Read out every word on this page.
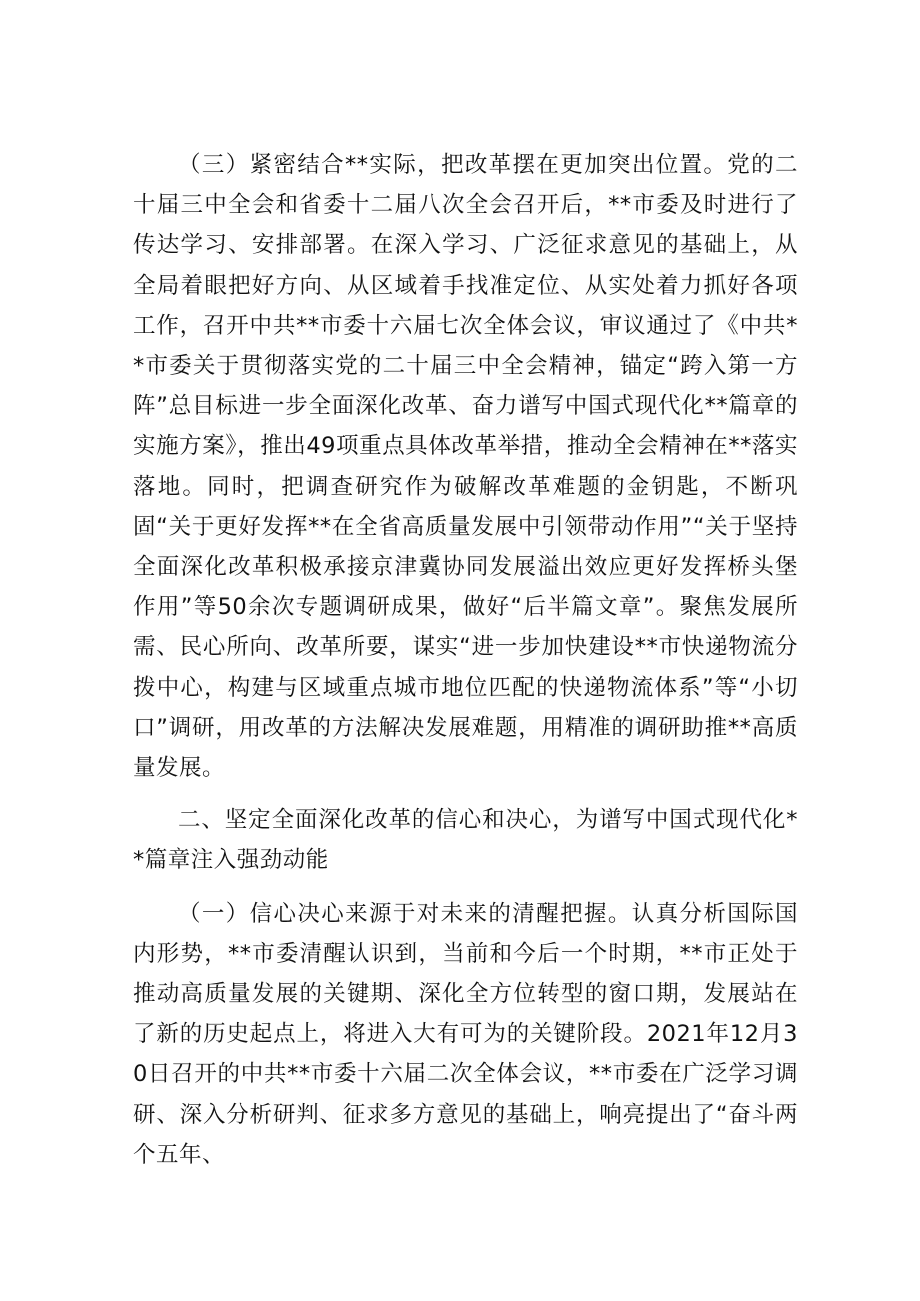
（三）紧密结合**实际，把改革摆在更加突出位置。党的二十届三中全会和省委十二届八次全会召开后，**市委及时进行了传达学习、安排部署。在深入学习、广泛征求意见的基础上，从全局着眼把好方向、从区域着手找准定位、从实处着力抓好各项工作，召开中共**市委十六届七次全体会议，审议通过了《中共**市委关于贯彻落实党的二十届三中全会精神，锚定“跨入第一方阵”总目标进一步全面深化改革、奋力谱写中国式现代化**篇章的实施方案》，推出49项重点具体改革举措，推动全会精神在**落实落地。同时，把调查研究作为破解改革难题的金钥匙，不断巩固“关于更好发挥**在全省高质量发展中引领带动作用”“关于坚持全面深化改革积极承接京津冀协同发展溢出效应更好发挥桥头堡作用”等50余次专题调研成果，做好“后半篇文章”。聚焦发展所需、民心所向、改革所要，谋实“进一步加快建设**市快递物流分拨中心，构建与区域重点城市地位匹配的快递物流体系”等“小切口”调研，用改革的方法解决发展难题，用精准的调研助推**高质量发展。

二、坚定全面深化改革的信心和决心，为谱写中国式现代化**篇章注入强劲动能

（一）信心决心来源于对未来的清醒把握。认真分析国际国内形势，**市委清醒认识到，当前和今后一个时期，**市正处于推动高质量发展的关键期、深化全方位转型的窗口期，发展站在了新的历史起点上，将进入大有可为的关键阶段。2021年12月30日召开的中共**市委十六届二次全体会议，**市委在广泛学习调研、深入分析研判、征求多方意见的基础上，响亮提出了“奋斗两个五年、
